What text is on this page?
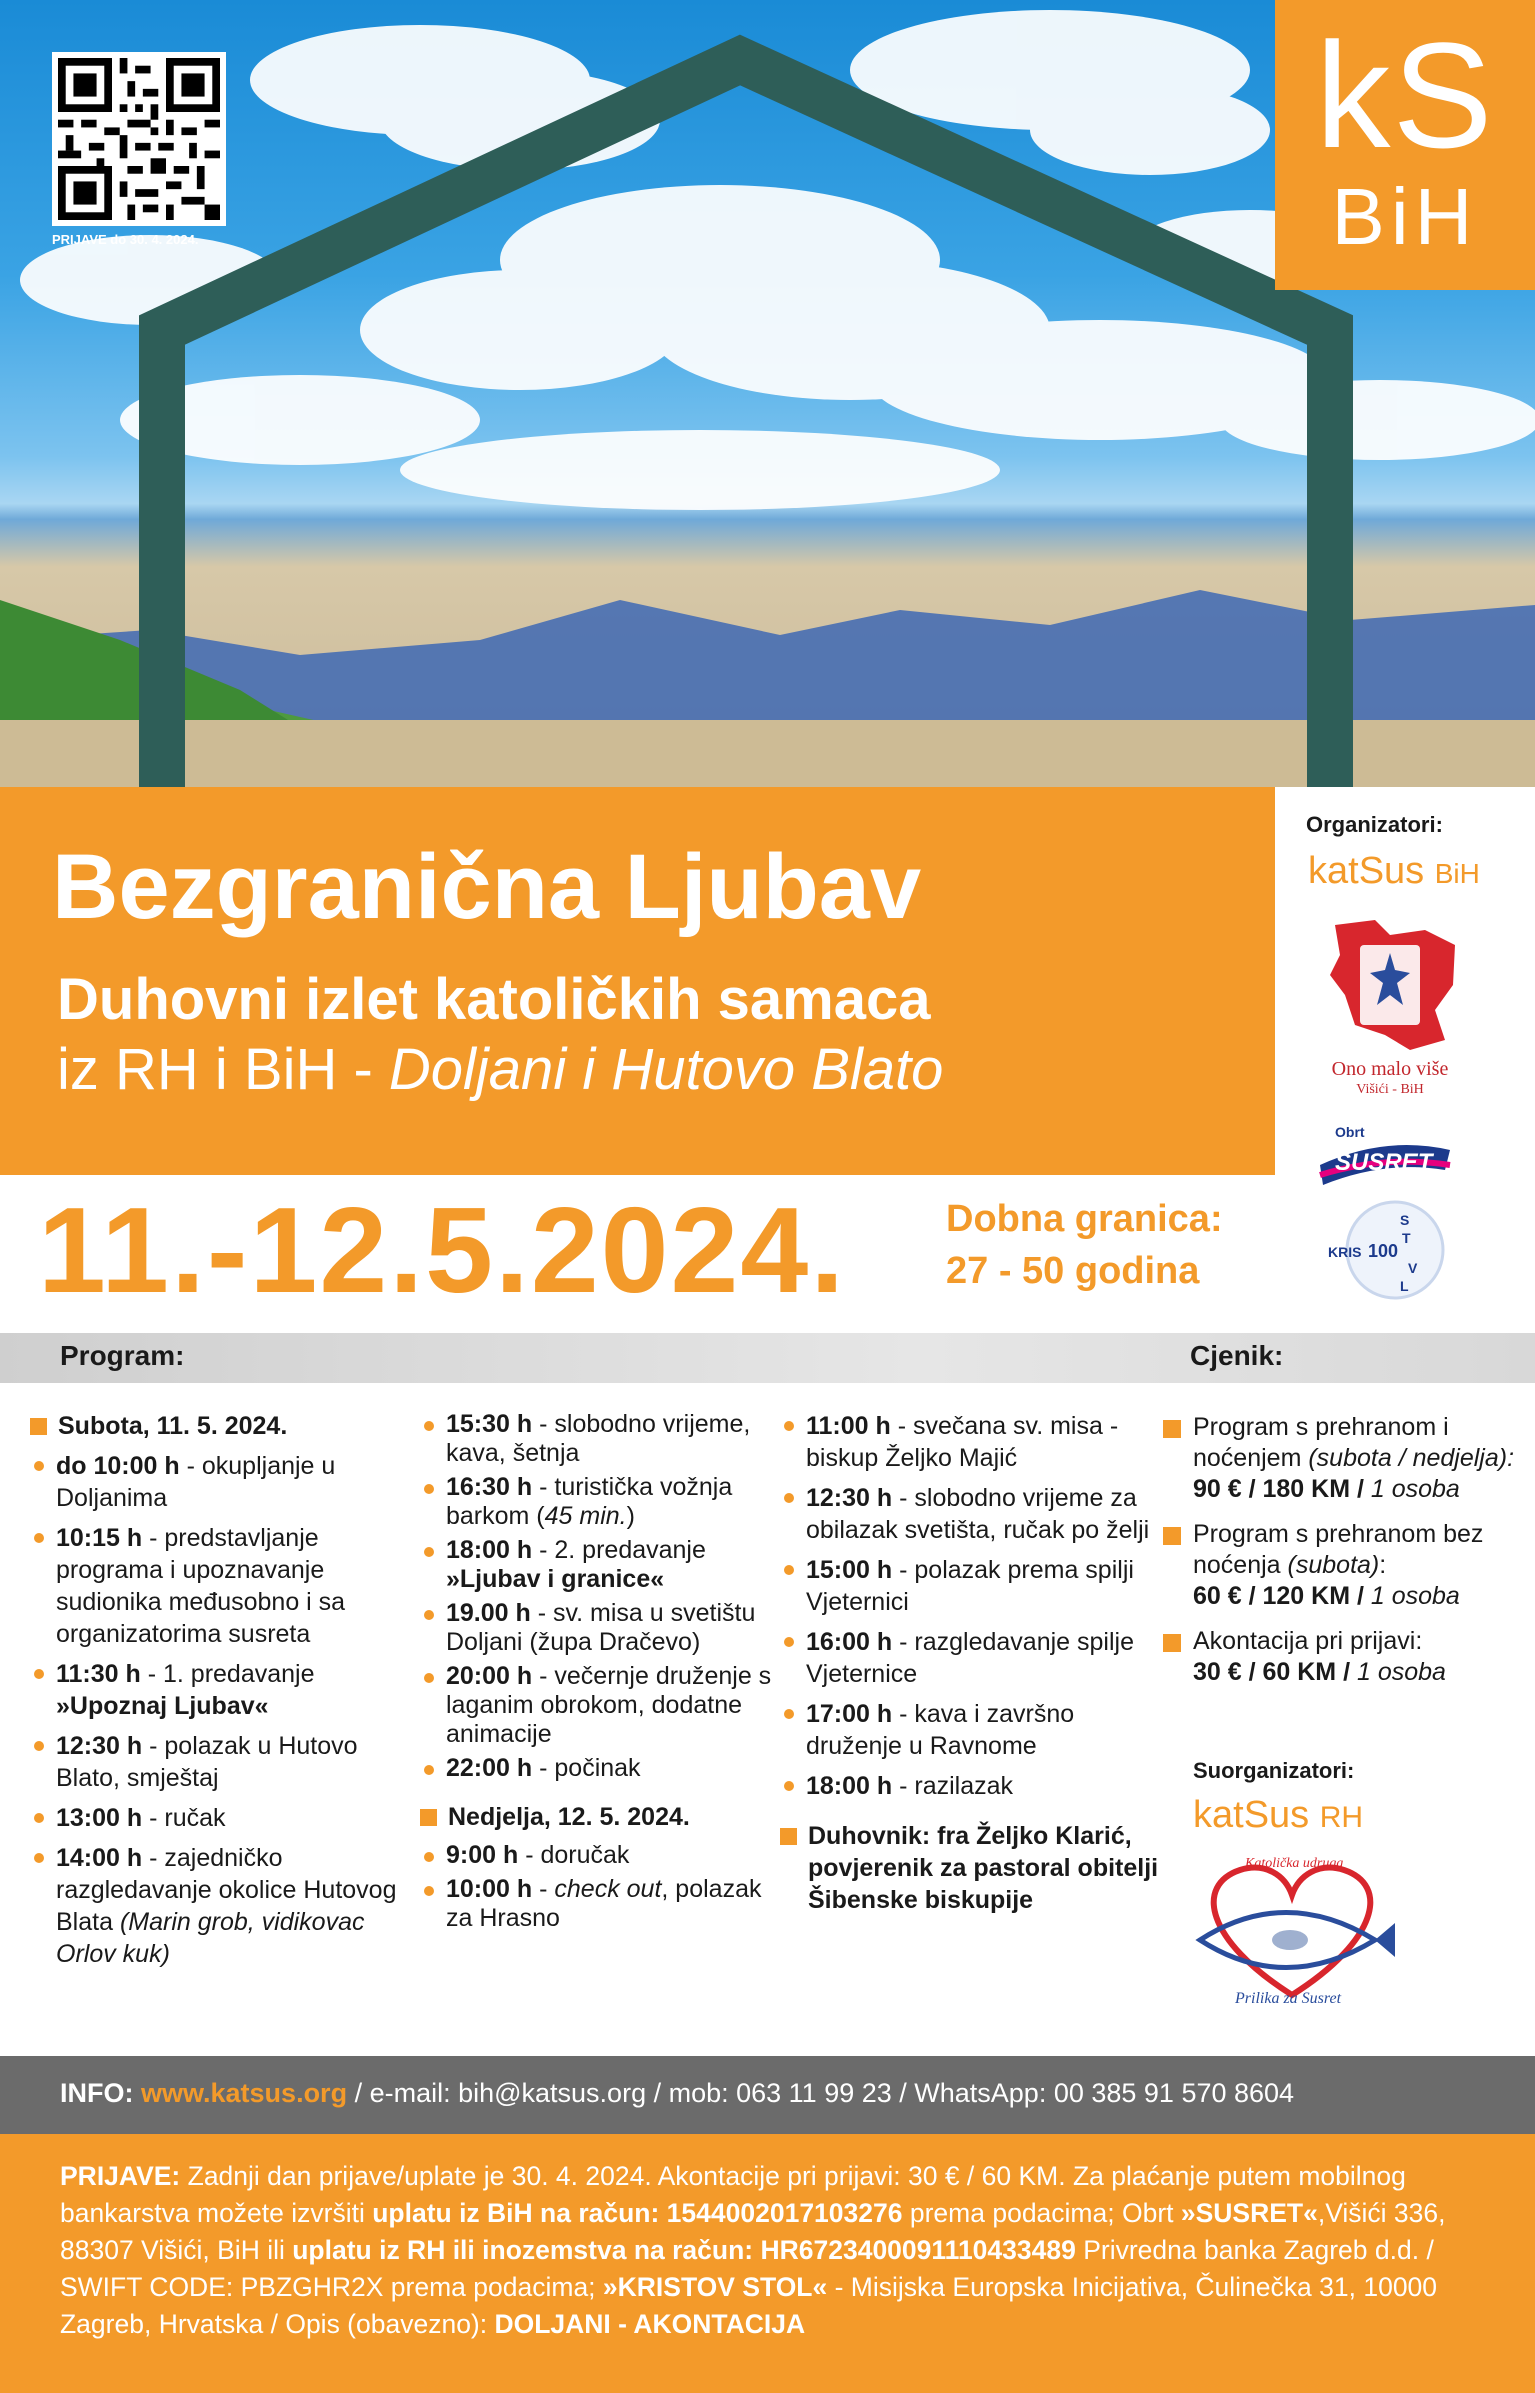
PRIJAVE do 30. 4. 2024.
kS
BiH
Bezgranična Ljubav
Duhovni izlet katoličkih samaca
iz RH i BiH - Doljani i Hutovo Blato
Organizatori:
katSus BiH
Ono malo više
Višići - BiH
Obrt
SUSRET
KRIS 100
S
T
V
L
11.-12.5.2024.	Dobna granica:
27 - 50 godina
Program:	Cjenik:
Subota, 11. 5. 2024.
do 10:00 h - okupljanje u Doljanima
10:15 h - predstavljanje programa i upoznavanje sudionika međusobno i sa organizatorima susreta
11:30 h - 1. predavanje »Upoznaj Ljubav«
12:30 h - polazak u Hutovo Blato, smještaj
13:00 h - ručak
14:00 h - zajedničko razgledavanje okolice Hutovog Blata (Marin grob, vidikovac Orlov kuk)
15:30 h - slobodno vrijeme, kava, šetnja
16:30 h - turistička vožnja barkom (45 min.)
18:00 h - 2. predavanje »Ljubav i granice«
19.00 h - sv. misa u svetištu Doljani (župa Dračevo)
20:00 h - večernje druženje s laganim obrokom, dodatne animacije
22:00 h - počinak
Nedjelja, 12. 5. 2024.
9:00 h - doručak
10:00 h - check out, polazak za Hrasno
11:00 h - svečana sv. misa - biskup Željko Majić
12:30 h - slobodno vrijeme za obilazak svetišta, ručak po želji
15:00 h - polazak prema spilji Vjeternici
16:00 h - razgledavanje spilje Vjeternice
17:00 h - kava i završno druženje u Ravnome
18:00 h - razilazak
Duhovnik: fra Željko Klarić, povjerenik za pastoral obitelji Šibenske biskupije
Program s prehranom i noćenjem (subota / nedjelja):
90 € / 180 KM / 1 osoba
Program s prehranom bez noćenja (subota):
60 € / 120 KM / 1 osoba
Akontacija pri prijavi:
30 € / 60 KM / 1 osoba
Suorganizatori:
katSus RH
Katolička udruga
Prilika za Susret
INFO: www.katsus.org / e-mail: bih@katsus.org / mob: 063 11 99 23 / WhatsApp: 00 385 91 570 8604
PRIJAVE: Zadnji dan prijave/uplate je 30. 4. 2024. Akontacije pri prijavi: 30 € / 60 KM. Za plaćanje putem mobilnog bankarstva možete izvršiti uplatu iz BiH na račun: 1544002017103276 prema podacima; Obrt »SUSRET«,Višići 336, 88307 Višići, BiH ili uplatu iz RH ili inozemstva na račun: HR6723400091110433489 Privredna banka Zagreb d.d. / SWIFT CODE: PBZGHR2X prema podacima; »KRISTOV STOL« - Misijska Europska Inicijativa, Čulinečka 31, 10000 Zagreb, Hrvatska / Opis (obavezno): DOLJANI - AKONTACIJA
